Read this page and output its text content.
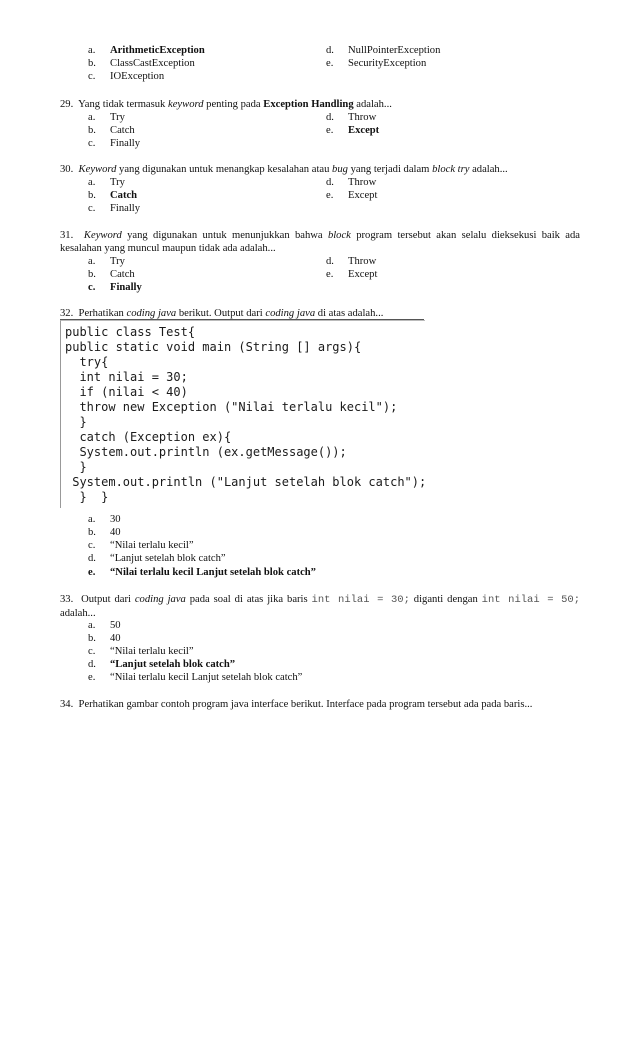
a. ArithmeticException	d. NullPointerException
b. ClassCastException	e. SecurityException
c. IOException
29. Yang tidak termasuk keyword penting pada Exception Handling adalah...
a. Try	d. Throw
b. Catch	e. Except
c. Finally
30. Keyword yang digunakan untuk menangkap kesalahan atau bug yang terjadi dalam block try adalah...
a. Try	d. Throw
b. Catch	e. Except
c. Finally
31. Keyword yang digunakan untuk menunjukkan bahwa block program tersebut akan selalu dieksekusi baik ada kesalahan yang muncul maupun tidak ada adalah...
a. Try	d. Throw
b. Catch	e. Except
c. Finally
32. Perhatikan coding java berikut. Output dari coding java di atas adalah...
public class Test{
public static void main (String [] args){
try{
int nilai = 30;
if (nilai < 40)
throw new Exception ("Nilai terlalu kecil");
}
catch (Exception ex){
System.out.println (ex.getMessage());
}
System.out.println ("Lanjut setelah blok catch");
}  }
a. 30
b. 40
c. “Nilai terlalu kecil”
d. “Lanjut setelah blok catch”
e. “Nilai terlalu kecil Lanjut setelah blok catch”
33. Output dari coding java pada soal di atas jika baris int nilai = 30; diganti dengan int nilai = 50; adalah...
a. 50
b. 40
c. “Nilai terlalu kecil”
d. “Lanjut setelah blok catch”
e. “Nilai terlalu kecil Lanjut setelah blok catch”
34. Perhatikan gambar contoh program java interface berikut. Interface pada program tersebut ada pada baris...
